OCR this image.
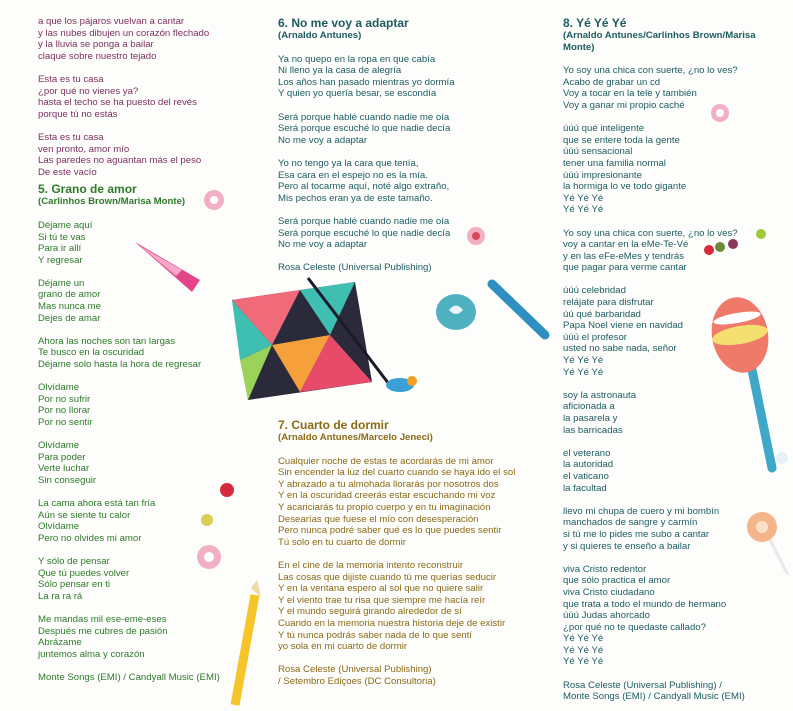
a que los pájaros vuelvan a cantar
y las nubes dibujen un corazón flechado
y la lluvia se ponga a bailar
claqué sobre nuestro tejado

Esta es tu casa
¿por qué no vienes ya?
hasta el techo se ha puesto del revés
porque tú no estás

Esta es tu casa
ven pronto, amor mío
Las paredes no aguantan más el peso
De este vacío
5. Grano de amor
(Carlinhos Brown/Marisa Monte)
Déjame aquí
Si tú te vas
Para ir allí
Y regresar

Déjame un
grano de amor
Mas nunca me
Dejes de amar

Ahora las noches son tan largas
Te busco en la oscuridad
Déjame solo hasta la hora de regresar

Olvídame
Por no sufrir
Por no llorar
Por no sentir

Olvídame
Para poder
Verte luchar
Sin conseguir

La cama ahora está tan fría
Aún se siente tu calor
Olvídame
Pero no olvides mi amor

Y sólo de pensar
Que tú puedes volver
Sólo pensar en ti
La ra ra rá

Me mandas mil ese-eme-eses
Después me cubres de pasión
Abrázame
juntemos alma y corazón

Monte Songs (EMI) / Candyall Music (EMI)
6. No me voy a adaptar
(Arnaldo Antunes)
Ya no quepo en la ropa en que cabía
Ni lleno ya la casa de alegría
Los años han pasado mientras yo dormía
Y quien yo quería besar, se escondía

Será porque hablé cuando nadie me oía
Será porque escuché lo que nadie decía
No me voy a adaptar

Yo no tengo ya la cara que tenía,
Esa cara en el espejo no es la mía.
Pero al tocarme aquí, noté algo extraño,
Mis pechos eran ya de este tamaño.

Será porque hablé cuando nadie me oía
Será porque escuché lo que nadie decía
No me voy a adaptar

Rosa Celeste (Universal Publishing)
7. Cuarto de dormir
(Arnaldo Antunes/Marcelo Jeneci)
Cualquier noche de estas te acordarás de mi amor
Sin encender la luz del cuarto cuando se haya ido el sol
Y abrazado a tu almohada llorarás por nosotros dos
Y en la oscuridad creerás estar escuchando mi voz
Y acariciarás tu propio cuerpo y en tu imaginación
Desearías que fuese el mío con desesperación
Pero nunca podré saber qué es lo que puedes sentir
Tú solo en tu cuarto de dormir

En el cine de la memoria intento reconstruir
Las cosas que dijiste cuando tú me querías seducir
Y en la ventana espero al sol que no quiere salir
Y el viento trae tu risa que siempre me hacía reír
Y el mundo seguirá girando alrededor de sí
Cuando en la memoria nuestra historia deje de existir
Y tú nunca podrás saber nada de lo que sentí
yo sola en mi cuarto de dormir

Rosa Celeste (Universal Publishing)
/ Setembro Ediçoes (DC Consultoria)
8. Yé Yé Yé
(Arnaldo Antunes/Carlinhos Brown/Marisa Monte)
Yo soy una chica con suerte, ¿no lo ves?
Acabo de grabar un cd
Voy a tocar en la tele y también
Voy a ganar mi propio caché

úúú qué inteligente
que se entere toda la gente
úúú sensacional
tener una familia normal
úúú impresionante
la hormiga lo ve todo gigante
Yé Yé Yé
Yé Yé Yé

Yo soy una chica con suerte, ¿no lo ves?
voy a cantar en la eMe-Te-Vé
y en las eFe-eMes y tendrás
que pagar para verme cantar

úúú celebridad
relájate para disfrutar
úú qué barbaridad
Papa Noel viene en navidad
úúú el profesor
usted no sabe nada, señor
Yé Yé Yé
Yé Yé Yé

soy la astronauta
aficionada a
la pasarela y
las barricadas

el veterano
la autoridad
el vaticano
la facultad

llevo mi chupa de cuero y mi bombín
manchados de sangre y carmín
si tú me lo pides me subo a cantar
y si quieres te enseño a bailar

viva Cristo redentor
que sólo practica el amor
viva Cristo ciudadano
que trata a todo el mundo de hermano
úúú Judas ahorcado
¿por qué no te quedaste callado?
Yé Yé Yé
Yé Yé Yé
Yé Yé Yé

Rosa Celeste (Universal Publishing) /
Monte Songs (EMI) / Candyall Music (EMI)
